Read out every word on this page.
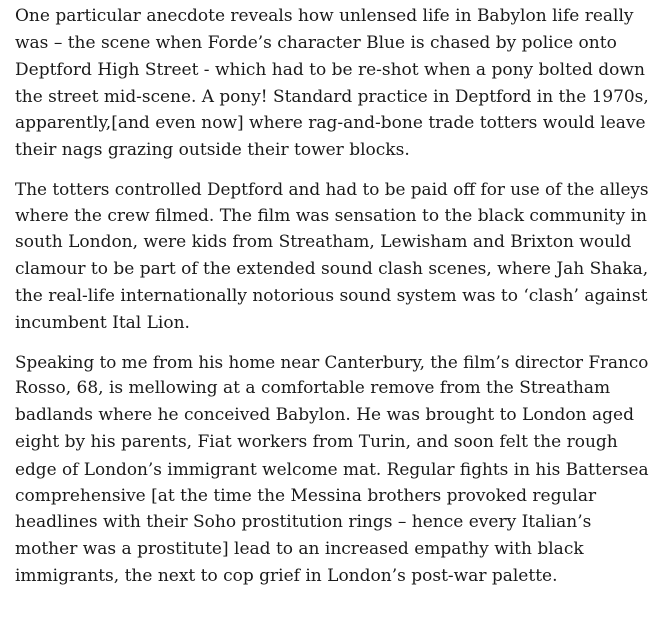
One particular anecdote reveals how unlensed life in Babylon life really
was – the scene when Forde’s character Blue is chased by police onto
Deptford High Street - which had to be re-shot when a pony bolted down
the street mid-scene. A pony! Standard practice in Deptford in the 1970s,
apparently,[and even now] where rag-and-bone trade totters would leave
their nags grazing outside their tower blocks.

The totters controlled Deptford and had to be paid off for use of the alleys
where the crew filmed. The film was sensation to the black community in
south London, were kids from Streatham, Lewisham and Brixton would
clamour to be part of the extended sound clash scenes, where Jah Shaka,
the real-life internationally notorious sound system was to ‘clash’ against
incumbent Ital Lion.

Speaking to me from his home near Canterbury, the film’s director Franco
Rosso, 68, is mellowing at a comfortable remove from the Streatham
badlands where he conceived Babylon. He was brought to London aged
eight by his parents, Fiat workers from Turin, and soon felt the rough
edge of London’s immigrant welcome mat. Regular fights in his Battersea
comprehensive [at the time the Messina brothers provoked regular
headlines with their Soho prostitution rings – hence every Italian’s
mother was a prostitute] lead to an increased empathy with black
immigrants, the next to cop grief in London’s post-war palette.
